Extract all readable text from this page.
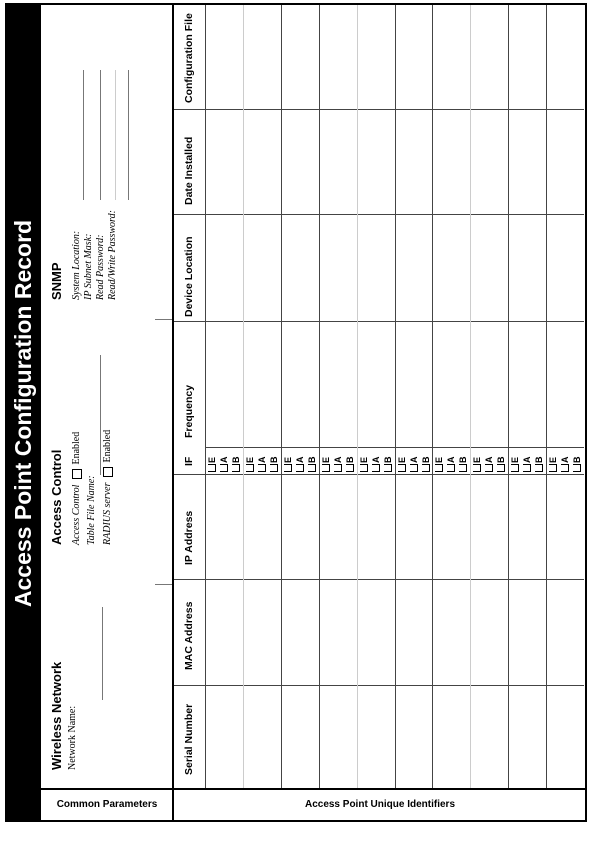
Access Point Configuration Record
Common Parameters	Access Point Unique Identifiers
Wireless Network Network Name:
Access Control Access ControlEnabled
Table File Name: RADIUS serverEnabled
SNMP System Location: IP Subnet Mask: Read Password: Read/Write Password:
Serial Number
MAC Address
IP Address
IF
Frequency
Device Location
Date Installed
Configuration File
E A B E A B E A B E A B E A B E A B E A B E A B E A B E A B
